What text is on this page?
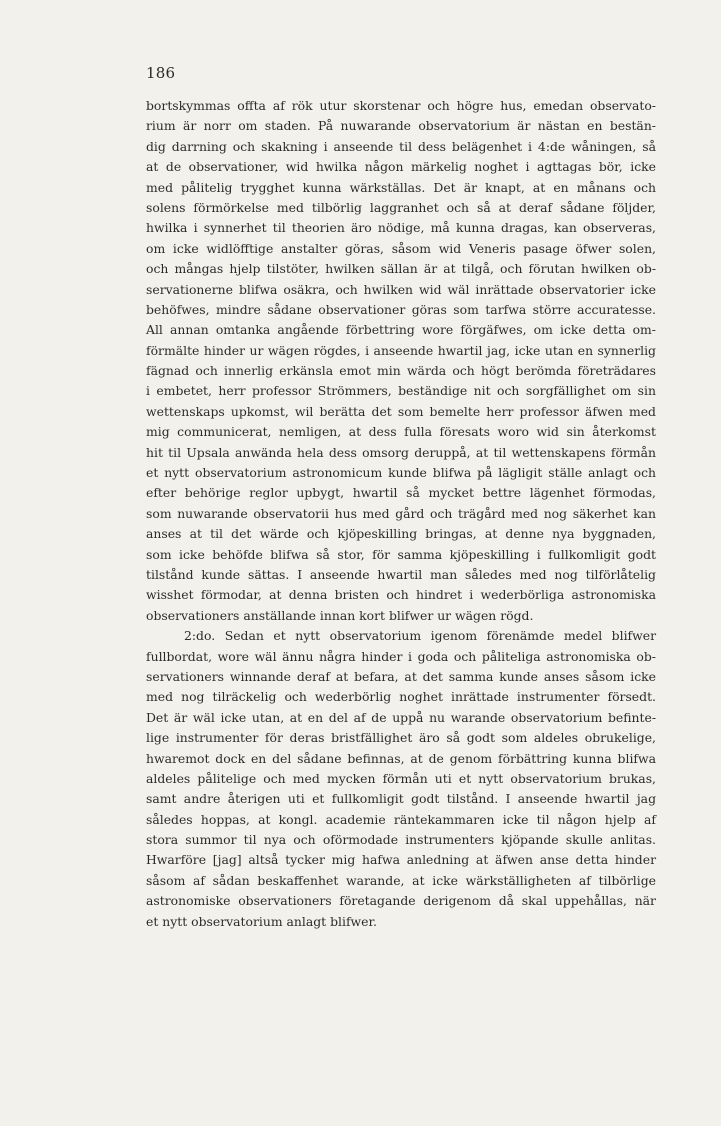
186
bortskymmas offta af rök utur skorstenar och högre hus, emedan observato-
rium är norr om staden. På nuwarande observatorium är nästan en bestän-
dig darrning och skakning i anseende til dess belägenhet i 4:de wåningen, så
at de observationer, wid hwilka någon märkelig noghet i agttagas bör, icke
med pålitelig trygghet kunna wärkställas. Det är knapt, at en månans och
solens förmörkelse med tilbörlig laggranhet och så at deraf sådane följder,
hwilka i synnerhet til theorien äro nödige, må kunna dragas, kan observeras,
om icke widlöfftige anstalter göras, såsom wid Veneris pasage öfwer solen,
och mångas hjelp tilstöter, hwilken sällan är at tilgå, och förutan hwilken ob-
servationerne blifwa osäkra, och hwilken wid wäl inrättade observatorier icke
behöfwes, mindre sådane observationer göras som tarfwa större accuratesse.
All annan omtanka angående förbettring wore förgäfwes, om icke detta om-
förmälte hinder ur wägen rögdes, i anseende hwartil jag, icke utan en synnerlig
fägnad och innerlig erkänsla emot min wärda och högt berömda företrädares
i embetet, herr professor Strömmers, beständige nit och sorgfällighet om sin
wettenskaps upkomst, wil berätta det som bemelte herr professor äfwen med
mig communicerat, nemligen, at dess fulla föresats woro wid sin återkomst
hit til Upsala anwända hela dess omsorg deruppå, at til wettenskapens förmån
et nytt observatorium astronomicum kunde blifwa på lägligit ställe anlagt och
efter behörige reglor upbygt, hwartil så mycket bettre lägenhet förmodas,
som nuwarande observatorii hus med gård och trägård med nog säkerhet kan
anses at til det wärde och kjöpeskilling bringas, at denne nya byggnaden,
som icke behöfde blifwa så stor, för samma kjöpeskilling i fullkomligit godt
tilstånd kunde sättas. I anseende hwartil man således med nog tilförlåtelig
wisshet förmodar, at denna bristen och hindret i wederbörliga astronomiska
observationers anställande innan kort blifwer ur wägen rögd.
2:do. Sedan et nytt observatorium igenom förenämde medel blifwer
fullbordat, wore wäl ännu några hinder i goda och påliteliga astronomiska ob-
servationers winnande deraf at befara, at det samma kunde anses såsom icke
med nog tilräckelig och wederbörlig noghet inrättade instrumenter försedt.
Det är wäl icke utan, at en del af de uppå nu warande observatorium befinte-
lige instrumenter för deras bristfällighet äro så godt som aldeles obrukelige,
hwaremot dock en del sådane befinnas, at de genom förbättring kunna blifwa
aldeles pålitelige och med mycken förmån uti et nytt observatorium brukas,
samt andre återigen uti et fullkomligit godt tilstånd. I anseende hwartil jag
således hoppas, at kongl. academie räntekammaren icke til någon hjelp af
stora summor til nya och oförmodade instrumenters kjöpande skulle anlitas.
Hwarföre [jag] altså tycker mig hafwa anledning at äfwen anse detta hinder
såsom af sådan beskaffenhet warande, at icke wärkställigheten af tilbörlige
astronomiske observationers företagande derigenom då skal uppehållas, när
et nytt observatorium anlagt blifwer.
